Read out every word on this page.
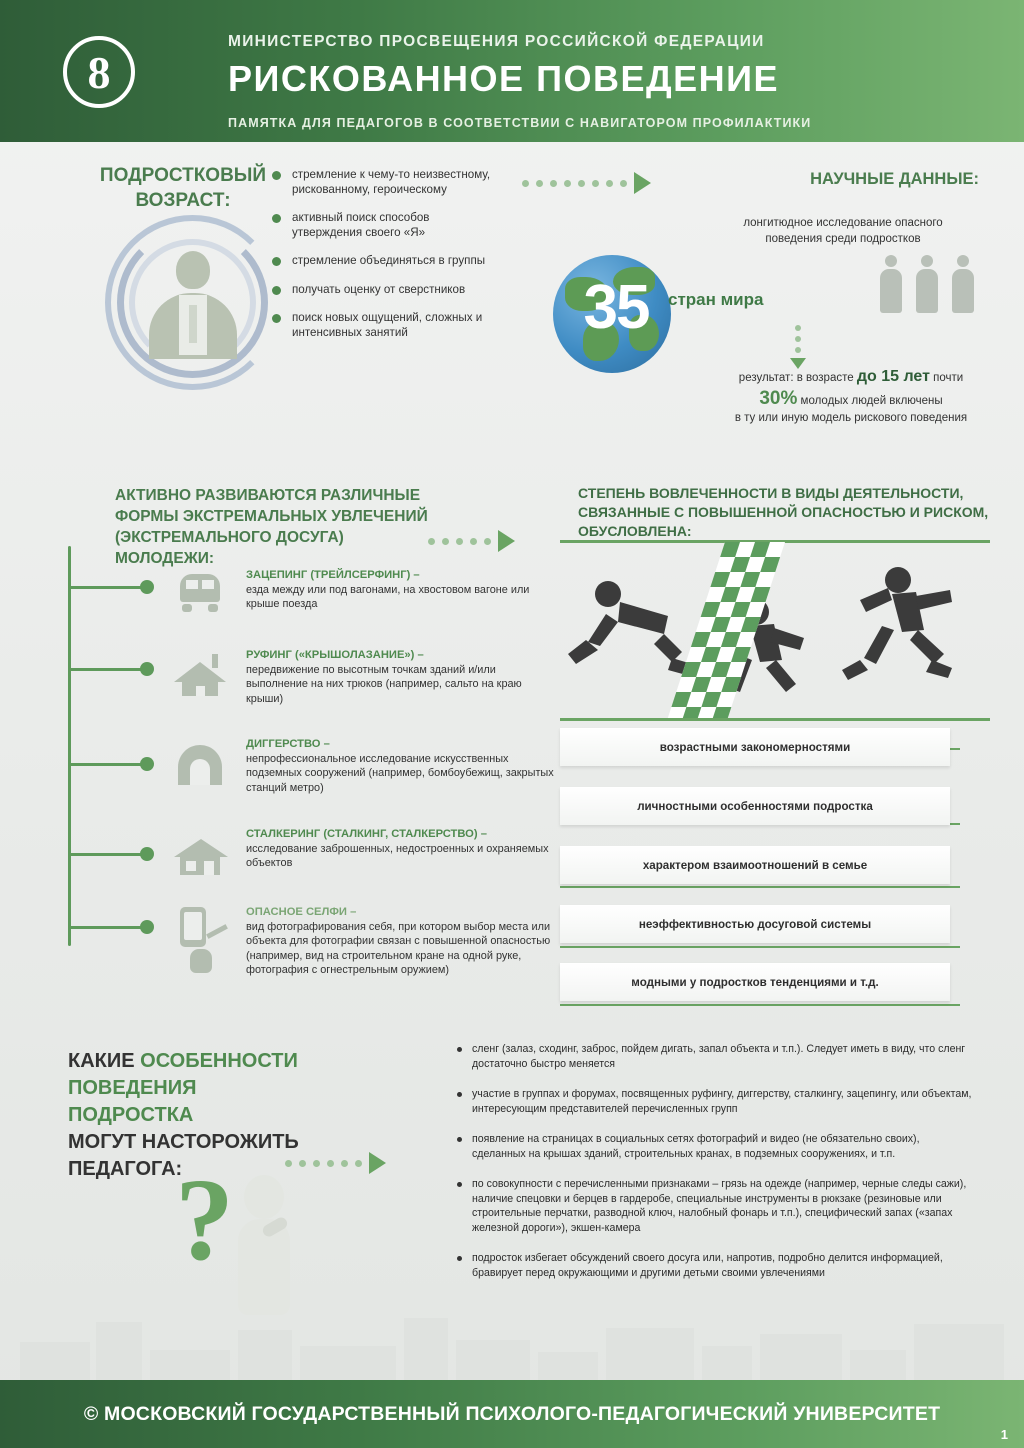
8
МИНИСТЕРСТВО ПРОСВЕЩЕНИЯ РОССИЙСКОЙ ФЕДЕРАЦИИ
РИСКОВАННОЕ ПОВЕДЕНИЕ
ПАМЯТКА ДЛЯ ПЕДАГОГОВ В СООТВЕТСТВИИ С НАВИГАТОРОМ ПРОФИЛАКТИКИ
ПОДРОСТКОВЫЙ ВОЗРАСТ:
стремление к чему-то неизвестному, рискованному, героическому
активный поиск способов утверждения своего «Я»
стремление объединяться в группы
получать оценку от сверстников
поиск новых ощущений, сложных и интенсивных занятий
НАУЧНЫЕ ДАННЫЕ:
лонгитюдное исследование опасного поведения среди подростков
35	стран мира
результат: в возрасте до 15 лет почти
30% молодых людей включены
в ту или иную модель рискового поведения
АКТИВНО РАЗВИВАЮТСЯ РАЗЛИЧНЫЕ ФОРМЫ ЭКСТРЕМАЛЬНЫХ УВЛЕЧЕНИЙ (ЭКСТРЕМАЛЬНОГО ДОСУГА) МОЛОДЕЖИ:
СТЕПЕНЬ ВОВЛЕЧЕННОСТИ В ВИДЫ ДЕЯТЕЛЬНОСТИ, СВЯЗАННЫЕ С ПОВЫШЕННОЙ ОПАСНОСТЬЮ И РИСКОМ, ОБУСЛОВЛЕНА:
ЗАЦЕПИНГ (ТРЕЙЛСЕРФИНГ) –
езда между или под вагонами, на хвостовом вагоне или крыше поезда
РУФИНГ («КРЫШОЛАЗАНИЕ») –
передвижение по высотным точкам зданий и/или выполнение на них трюков (например, сальто на краю крыши)
ДИГГЕРСТВО –
непрофессиональное исследование искусственных подземных сооружений (например, бомбоубежищ, закрытых станций метро)
СТАЛКЕРИНГ (СТАЛКИНГ, СТАЛКЕРСТВО) –
исследование заброшенных, недостроенных и охраняемых объектов
ОПАСНОЕ СЕЛФИ –
вид фотографирования себя, при котором выбор места или объекта для фотографии связан с повышенной опасностью (например, вид на строительном кране на одной руке, фотография с огнестрельным оружием)
возрастными закономерностями
личностными особенностями подростка
характером взаимоотношений в семье
неэффективностью досуговой системы
модными у подростков тенденциями и т.д.
КАКИЕ ОСОБЕННОСТИ ПОВЕДЕНИЯ
ПОДРОСТКА
МОГУТ НАСТОРОЖИТЬ
ПЕДАГОГА:
?
сленг (залаз, сходинг, заброс, пойдем дигать, запал объекта и т.п.). Следует иметь в виду, что сленг достаточно быстро меняется
участие в группах и форумах, посвященных руфингу, диггерству, сталкингу, зацепингу, или объектам, интересующим представителей перечисленных групп
появление на страницах в социальных сетях фотографий и видео (не обязательно своих), сделанных на крышах зданий, строительных кранах, в подземных сооружениях, и т.п.
по совокупности с перечисленными признаками – грязь на одежде (например, черные следы сажи), наличие спецовки и берцев в гардеробе, специальные инструменты в рюкзаке (резиновые или строительные перчатки, разводной ключ, налобный фонарь и т.п.), специфический запах («запах железной дороги»), экшен-камера
подросток избегает обсуждений своего досуга или, напротив, подробно делится информацией, бравирует перед окружающими и другими детьми своими увлечениями
© МОСКОВСКИЙ ГОСУДАРСТВЕННЫЙ ПСИХОЛОГО-ПЕДАГОГИЧЕСКИЙ УНИВЕРСИТЕТ
1
